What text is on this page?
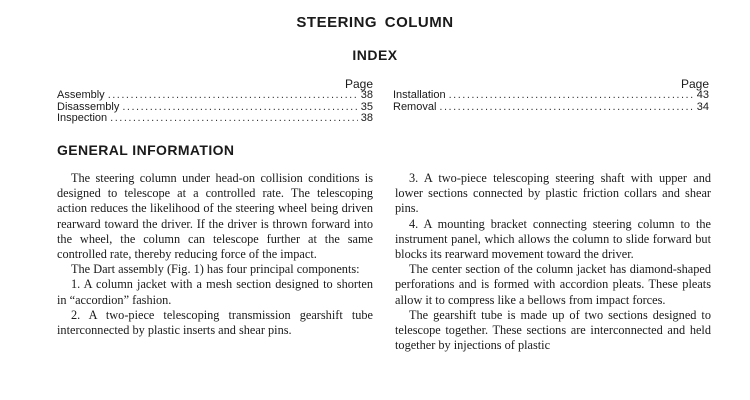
STEERING COLUMN
INDEX
Page
Assembly .....	38
Disassembly .....	35
Inspection .....	38
Page
Installation .....	43
Removal .....	34
GENERAL INFORMATION

The steering column under head-on collision conditions is designed to telescope at a controlled rate. The telescoping action reduces the likelihood of the steering wheel being driven rearward toward the driver. If the driver is thrown forward into the wheel, the column can telescope further at the same controlled rate, thereby reducing force of the impact.

The Dart assembly (Fig. 1) has four principal components:

1. A column jacket with a mesh section designed to shorten in “accordion” fashion.

2. A two-piece telescoping transmission gearshift tube interconnected by plastic inserts and shear pins.

3. A two-piece telescoping steering shaft with upper and lower sections connected by plastic friction collars and shear pins.

4. A mounting bracket connecting steering column to the instrument panel, which allows the column to slide forward but blocks its rearward movement toward the driver.

The center section of the column jacket has diamond-shaped perforations and is formed with accordion pleats. These pleats allow it to compress like a bellows from impact forces.

The gearshift tube is made up of two sections designed to telescope together. These sections are interconnected and held together by injections of plastic
